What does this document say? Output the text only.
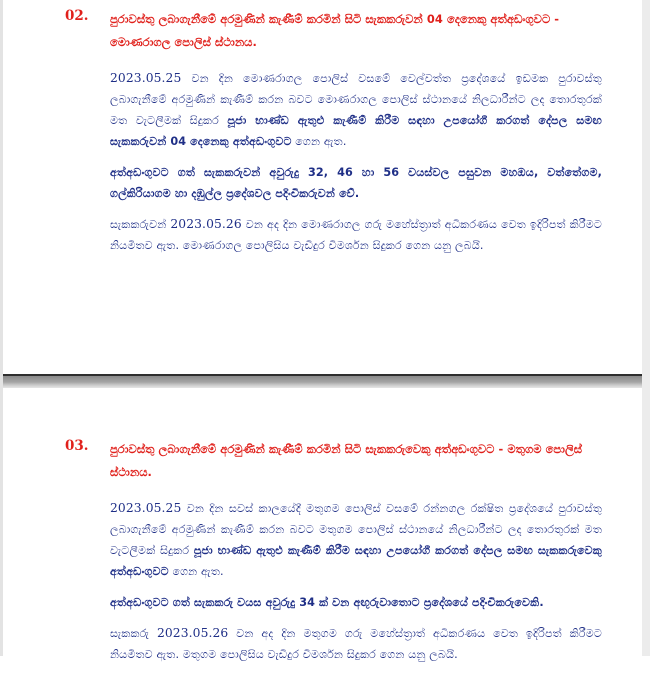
02. පුරාවස්තු ලබාගැනීමේ අරමුණින් කැණීම් කරමින් සිටි සැකකරුවන් 04 දෙනෙකු අත්අඩංගුවට - මොණරාගල පොලිස් ස්ථානය.

2023.05.25 වන දින මොණරාගල පොලිස් වසමේ වෙල්වත්ත ප්‍රදේශයේ ඉඩමක පුරාවස්තු ලබාගැනීමේ අරමුණින් කැණීම් කරන බවට මොණරාගල පොලිස් ස්ථානයේ නිලධාරීන්ට ලද තොරතුරක් මත වැටලීමක් සිදුකර පූජා භාණ්ඩ ඇතුළු කැණීම් කිරීම සඳහා උපයෝගී කරගත් දේපල සමඟ සැකකරුවන් 04 දෙනෙකු අත්අඩංගුවට ගෙන ඇත.

අත්අඩංගුවට ගත් සැකකරුවන් අවුරුදු 32, 46 හා 56 වයස්වල පසුවන මහඔය, වත්තේගම, ගල්කිරියාගම හා දඹුල්ල ප්‍රදේශවල පදිංචිකරුවන් වේ.

සැකකරුවන් 2023.05.26 වන අද දින මොණරාගල ගරු මහේස්ත්‍රාත් අධිකරණය වෙත ඉදිරිපත් කිරීමට නියමිතව ඇත. මොණරාගල පොලිසිය වැඩිදුර විමර්ශන සිදුකර ගෙන යනු ලබයි.

03. පුරාවස්තු ලබාගැනීමේ අරමුණින් කැණීම් කරමින් සිටි සැකකරුවෙකු අත්අඩංගුවට - මතුගම පොලිස් ස්ථානය.

2023.05.25 වන දින සවස් කාලයේදී මතුගම පොලිස් වසමේ රන්නගල රක්ෂිත ප්‍රදේශයේ පුරාවස්තු ලබාගැනීමේ අරමුණින් කැණීම් කරන බවට මතුගම පොලිස් ස්ථානයේ නිලධාරීන්ට ලද තොරතුරක් මත වැටලීමක් සිදුකර පූජා භාණ්ඩ ඇතුළු කැණීම් කිරීම සඳහා උපයෝගී කරගත් දේපල සමඟ සැකකරුවෙකු අත්අඩංගුවට ගෙන ඇත.

අත්අඩංගුවට ගත් සැකකරු වයස අවුරුදු 34 ක් වන අඟුරුවාතොට ප්‍රදේශයේ පදිංචිකරුවෙකි.

සැකකරු 2023.05.26 වන අද දින මතුගම ගරු මහේස්ත්‍රාත් අධිකරණය වෙත ඉදිරිපත් කිරීමට නියමිතව ඇත. මතුගම පොලිසිය වැඩිදුර විමර්ශන සිදුකර ගෙන යනු ලබයි.
